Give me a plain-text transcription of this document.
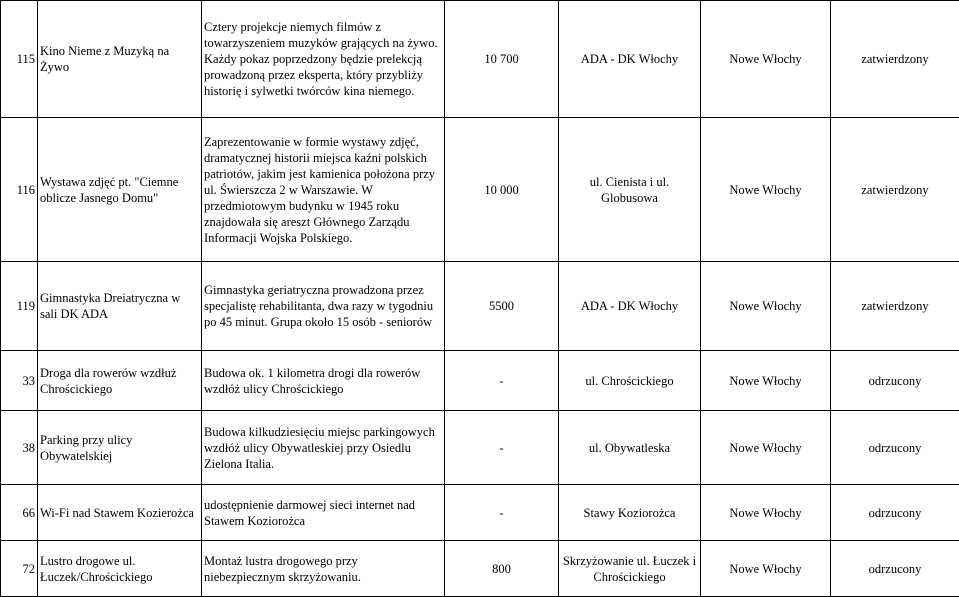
115	Kino Nieme z Muzyką na Żywo	Cztery projekcje niemych filmów z towarzyszeniem muzyków grających na żywo. Każdy pokaz poprzedzony będzie prelekcją prowadzoną przez eksperta, który przybliży historię i sylwetki twórców kina niemego.	10 700	ADA - DK Włochy	Nowe Włochy	zatwierdzony
116	Wystawa zdjęć pt. "Ciemne oblicze Jasnego Domu"	Zaprezentowanie w formie wystawy zdjęć, dramatycznej historii miejsca kaźni polskich patriotów, jakim jest kamienica położona przy ul. Świerszcza 2 w Warszawie. W przedmiotowym budynku w 1945 roku znajdowała się areszt Głównego Zarządu Informacji Wojska Polskiego.	10 000	ul. Cienista i ul. Globusowa	Nowe Włochy	zatwierdzony
119	Gimnastyka Dreiatryczna w sali DK ADA	Gimnastyka geriatryczna prowadzona przez specjalistę rehabilitanta, dwa razy w tygodniu po 45 minut. Grupa około 15 osób - seniorów	5500	ADA - DK Włochy	Nowe Włochy	zatwierdzony
33	Droga dla rowerów wzdłuż Chrościckiego	Budowa ok. 1 kilometra drogi dla rowerów wzdłóż ulicy Chrościckiego	-	ul. Chrościckiego	Nowe Włochy	odrzucony
38	Parking przy ulicy Obywatelskiej	Budowa kilkudziesięciu miejsc parkingowych wzdłóż ulicy Obywatleskiej przy Osiedlu Zielona Italia.	-	ul. Obywatleska	Nowe Włochy	odrzucony
66	Wi-Fi nad Stawem Kozierożca	udostępnienie darmowej sieci internet nad Stawem Koziorożca	-	Stawy Koziorożca	Nowe Włochy	odrzucony
72	Lustro drogowe ul. Łuczek/Chrościckiego	Montaż lustra drogowego przy niebezpiecznym skrzyżowaniu.	800	Skrzyżowanie ul. Łuczek i Chrościckiego	Nowe Włochy	odrzucony
